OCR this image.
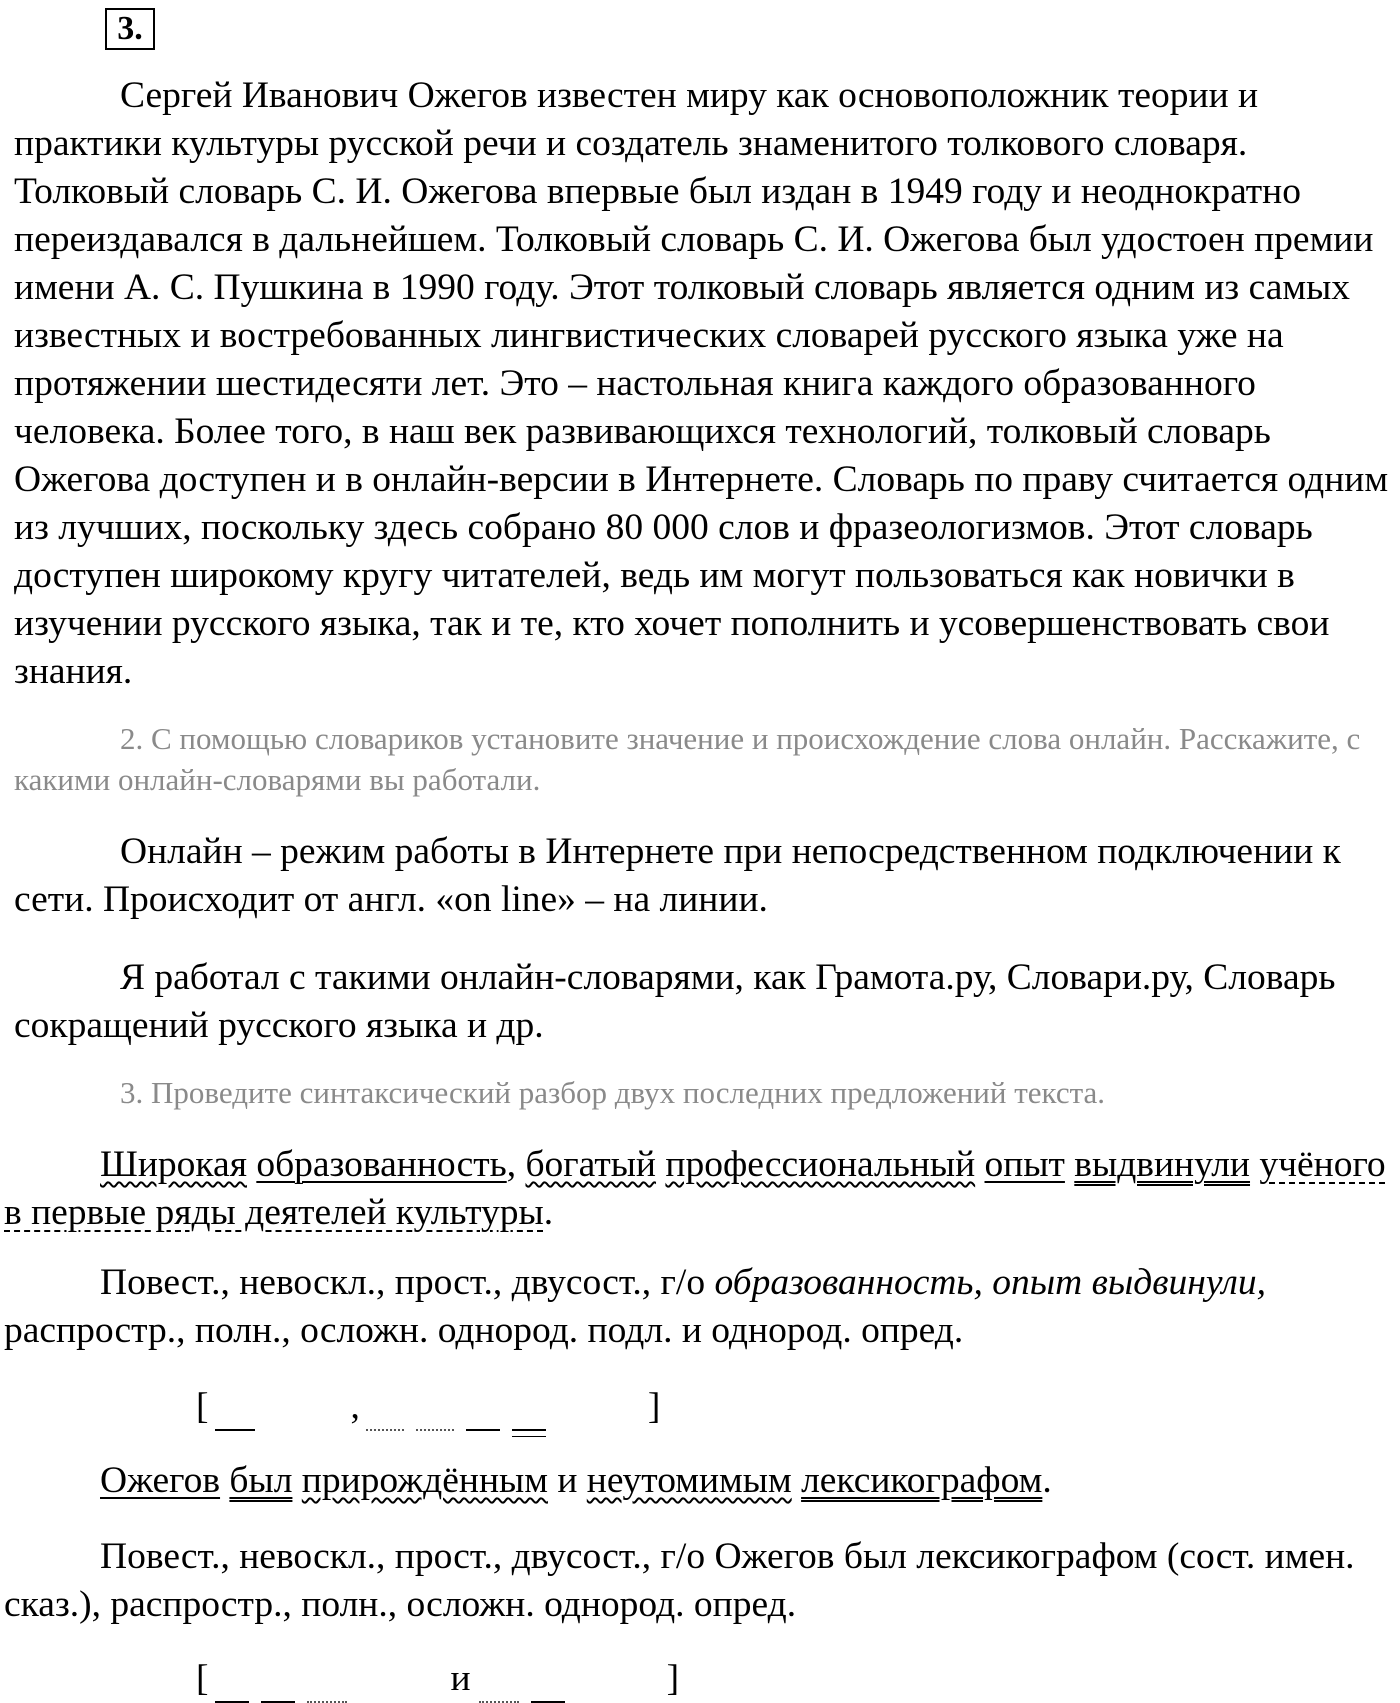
3.

Сергей Иванович Ожегов известен миру как основоположник теории и практики культуры русской речи и создатель знаменитого толкового словаря. Толковый словарь С. И. Ожегова впервые был издан в 1949 году и неоднократно переиздавался в дальнейшем. Толковый словарь С. И. Ожегова был удостоен премии имени А. С. Пушкина в 1990 году. Этот толковый словарь является одним из самых известных и востребованных лингвистических словарей русского языка уже на протяжении шестидесяти лет. Это – настольная книга каждого образованного человека. Более того, в наш век развивающихся технологий, толковый словарь Ожегова доступен и в онлайн-версии в Интернете. Словарь по праву считается одним из лучших, поскольку здесь собрано 80 000 слов и фразеологизмов. Этот словарь доступен широкому кругу читателей, ведь им могут пользоваться как новички в изучении русского языка, так и те, кто хочет пополнить и усовершенствовать свои знания.

2. С помощью словариков установите значение и происхождение слова онлайн. Расскажите, с какими онлайн-словарями вы работали.

Онлайн – режим работы в Интернете при непосредственном подключении к сети. Происходит от англ. «on line» – на линии.

Я работал с такими онлайн-словарями, как Грамота.ру, Словари.ру, Словарь сокращений русского языка и др.

3. Проведите синтаксический разбор двух последних предложений текста.

Широкая образованность, богатый профессиональный опыт выдвинули учёного в первые ряды деятелей культуры.

Повест., невоскл., прост., двусост., г/о образованность, опыт выдвинули, распростр., полн., осложн. однород. подл. и однород. опред.

[	,	]

Ожегов был прирождённым и неутомимым лексикографом.

Повест., невоскл., прост., двусост., г/о Ожегов был лексикографом (сост. имен. сказ.), распростр., полн., осложн. однород. опред.

[	и	]
